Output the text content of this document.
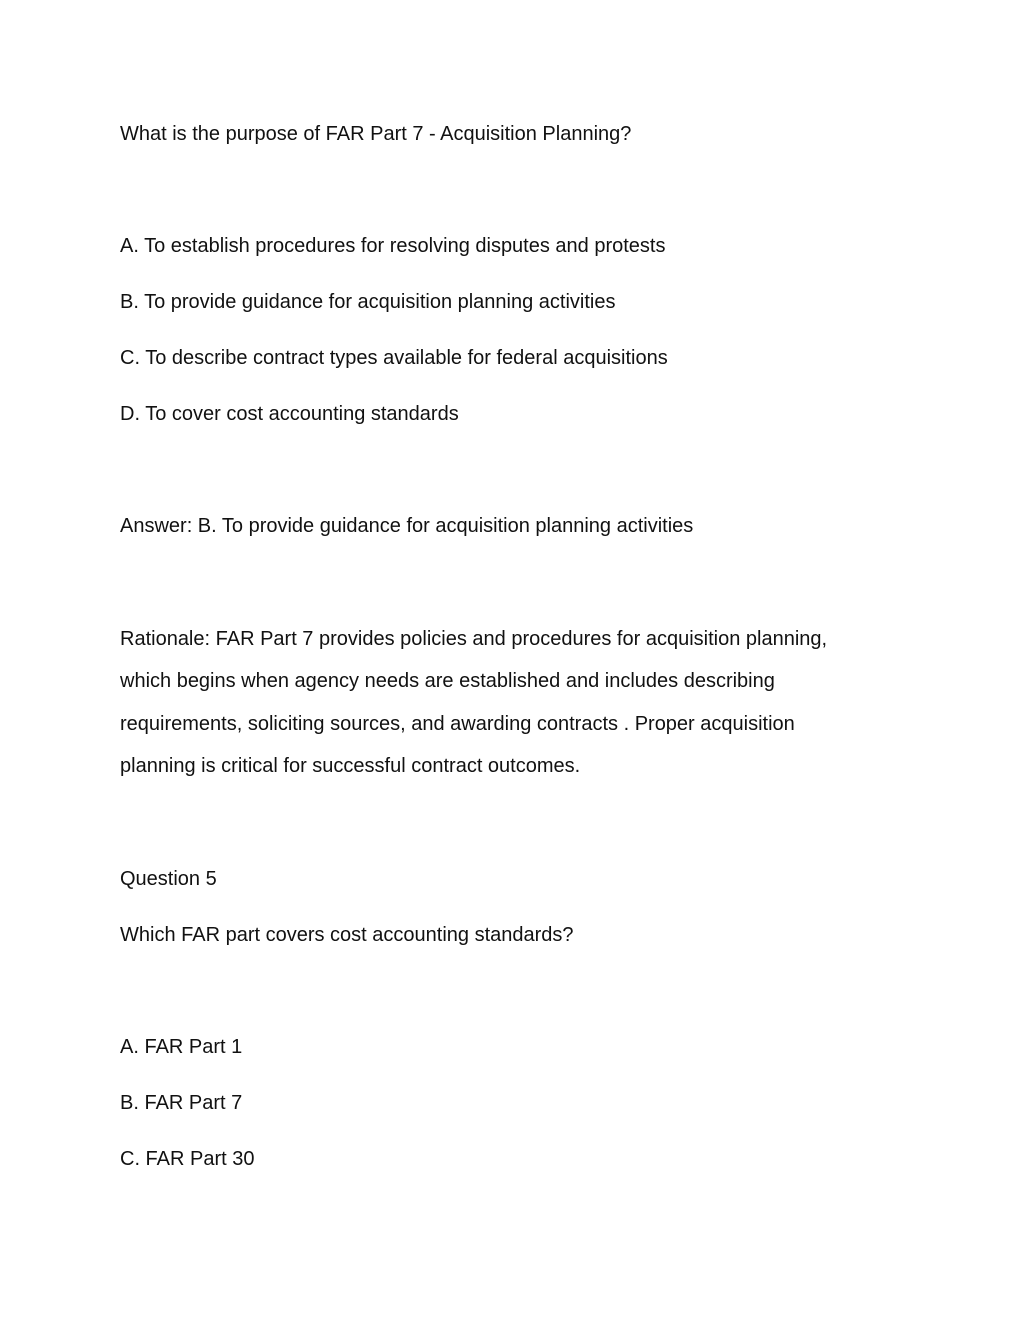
What is the purpose of FAR Part 7 - Acquisition Planning?

A. To establish procedures for resolving disputes and protests

B. To provide guidance for acquisition planning activities

C. To describe contract types available for federal acquisitions

D. To cover cost accounting standards

Answer: B. To provide guidance for acquisition planning activities

Rationale: FAR Part 7 provides policies and procedures for acquisition planning,

which begins when agency needs are established and includes describing

requirements, soliciting sources, and awarding contracts . Proper acquisition

planning is critical for successful contract outcomes.

Question 5

Which FAR part covers cost accounting standards?

A. FAR Part 1

B. FAR Part 7

C. FAR Part 30
